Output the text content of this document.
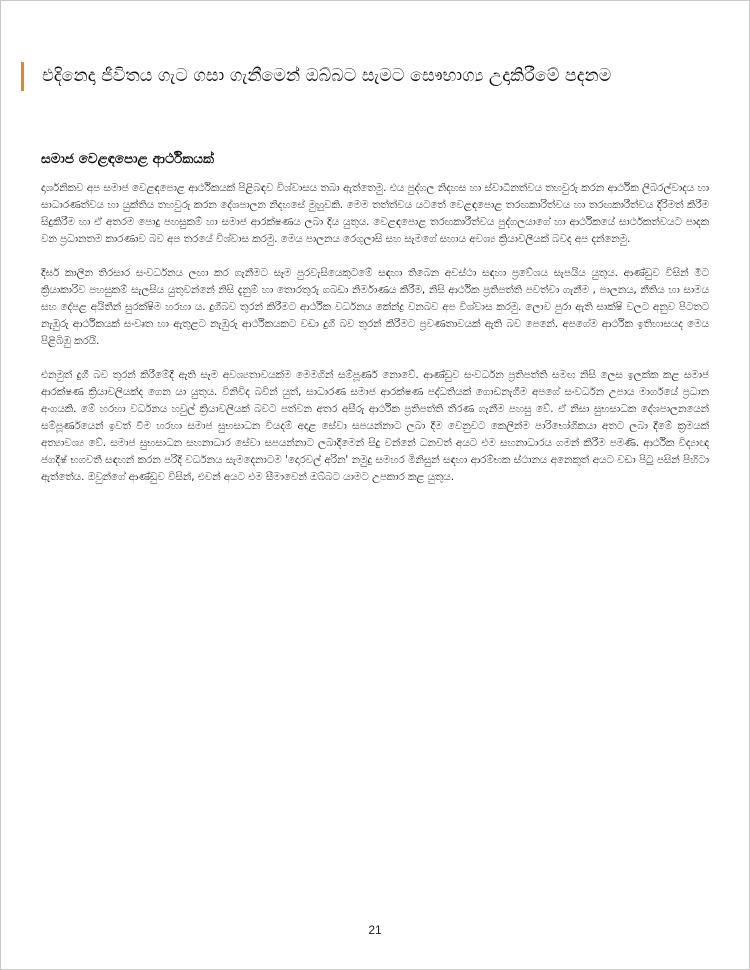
එදිනෙදා ජීවිතය ගැට ගසා ගැනීමෙන් ඔබ්බට සැමට සෞභාග්‍ය උදාකිරීමේ පදනම
සමාජ වෙළඳපොළ ආර්ථිකයක්

දාර්ශනිකව අප සමාජ වෙළඳපොළ ආර්ථිකයක් පිළිබඳව විශ්වාසය තබා ඇත්තෙමු. එය පුද්ගල නිදහස හා ස්වාධීනත්වය තහවුරු කරන ආර්ථික ලිබරල්වාදය හා සාධාරණත්වය හා යුක්තිය තහවුරු කරන දේශපාලන නිදහසේ මුහුවකි. මෙම තත්ත්වය යටතේ වෙළඳපොළ තරඟකාරිත්වය හා තරඟකාරීත්වය දිරිමත් කිරීම සිදුකිරීම හා ඒ අතරම පොදු පහසුකම් හා සමාජ ආරක්ෂණය ලබා දිය යුතුය. වෙළඳපොළ තරඟකාරීත්වය පුද්ගලයාගේ හා ආර්ථිකයේ සාර්ථකත්වයට පාදක වන ප්‍රධානතම කාරණාව බව අප තරයේ විශ්වාස කරමු. මෙය පාලනය රෙගුලාසි සහ සැමගේ සහාය අවශ්‍ය ක්‍රියාවලියක් බවද අප දන්නෙමු.

දීර්ඝ කාලීන තිරසාර සංවර්ධනය ලඟා කර ගැනීමට සෑම පුරවැසියෙකුටමේ සඳහා තිබෙන අවස්ථා සඳහා ප්‍රවේශය සැපයිය යුතුය. ආණ්ඩුව විසින් මීට ක්‍රියාකාරිව පහසුකම් සැලසිය යුතුවන්නේ නිසි දැනුම් හා තොරතුරු ගබඩා නිර්මාණය කිරීම, නිසි ආර්ථික ප්‍රතිපත්ති පවත්වා ගැනීම , පාලනය, නීතිය හා සාමය සහ දේපළ අයිතීන් සුරක්ෂිම හරහා ය. දුගීබව තුරන් කිරීමට ආර්ථික වර්ධනය කේන්ද්‍ර වනබව අප විශ්වාස කරමු. ලොව පුරා ඇති සාක්ෂි වලට අනුව පිටතට නැඹුරු ආර්ථිකයක් සංවෘත හා ඇතුළට නැඹුරු ආර්ථිකයකට වඩා දුගී බව තුරන් කිරීමට ප්‍රවණතාවයක් ඇති බව පෙනේ. අපගේම ආර්ථික ඉතිහාසයද මෙය පිළිබිඹු කරයි.

එනමුත් දුගී බව තුරන් කිරීමේදී ඇති සෑම අවශ්‍යතාවයක්ම මෙමගින් සම්පූර්ණ නොවේ. ආණ්ඩුව සංවර්ධන ප්‍රතිපත්ති සමඟ නිසි ලෙස ඉලක්ක කළ සමාජ ආරක්ෂණ ක්‍රියාවලියක්ද ගෙන යා යුතුය. විනිවිද බවින් යුත්, සාධාරණ සමාජ ආරක්ෂණ පද්ධතියක් ගොඩනැගීම අපගේ සංවර්ධන උපාය මාර්ගයේ ප්‍රධාන අංගයකි. මේ හරහා වර්ධනය හවුල් ක්‍රියාවලියක් බවට පත්වන අතර අසීරු ආර්ථික ප්‍රතිපත්ති තීරණ ගැනීම පහසු වේ. ඒ නිසා සුභසාධක දේශපාලනයෙන් සම්පූර්ණයෙන් ඉවත් වීම හරහා සමාජ සුභසාධන වියදම් අදාළ සේවා සපයන්නාට ලබා දීම වෙනුවට කෙලින්ම පාරිභෝගිකයා අතට ලබා දීමේ ක්‍රමයක් අත්‍යාවශ්‍ය වේ. සමාජ සුභසාධන සහනාධාර සේවා සපයන්නාට ලබාදීමෙන් සිදු වන්නේ ධනවත් අයට එම සහනාධාරය ගමන් කිරීම පමණි. ආර්ථික විද්‍යාඥ ජගදීෂ් භගවතී සඳහන් කරන පරිදි වර්ධනය සැමදෙනාටම 'දොරවල් අරින' නමුදු සමහර මිනිසුන් සඳහා ආරම්භක ස්ථානය අනෙකුත් අයට වඩා පිටු පසින් පිහිටා ඇත්තේය. ඔවුන්ගේ ආණ්ඩුව විසින්, එවන් අයට එම සීමාවෙන් ඔබ්බට යාමට උපකාර කළ යුතුය.

21
